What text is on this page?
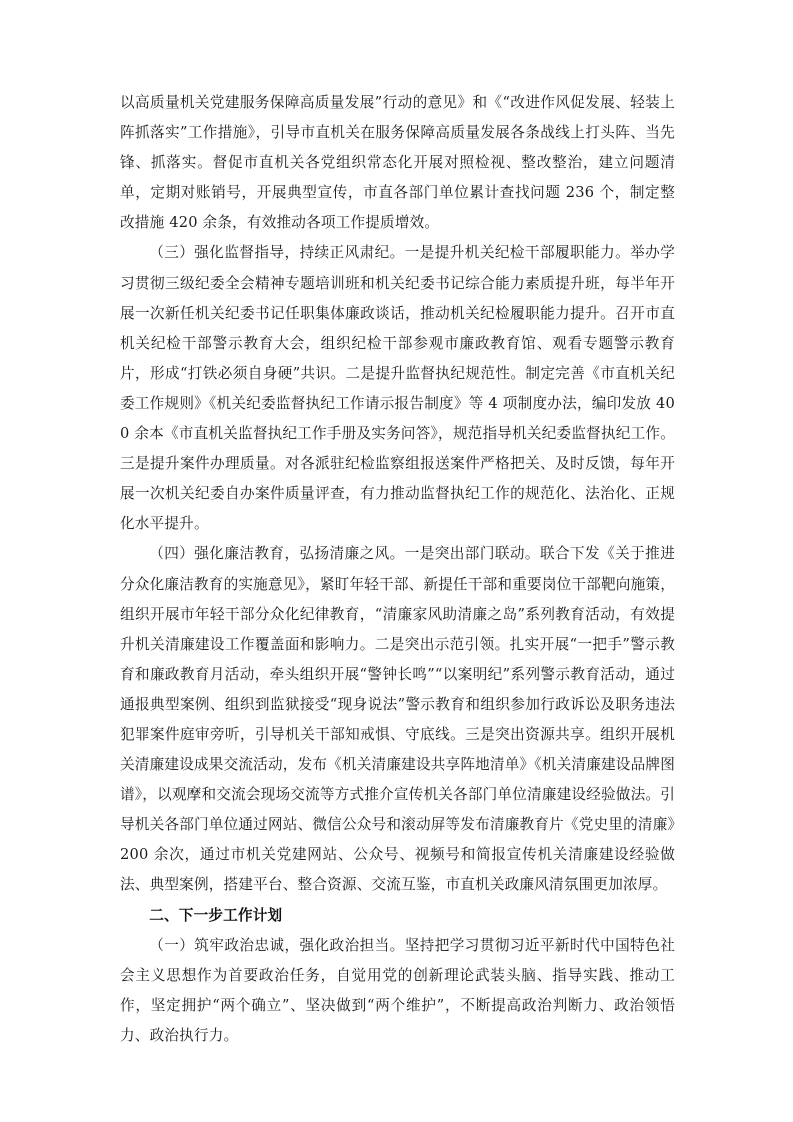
以高质量机关党建服务保障高质量发展”行动的意见》和《“改进作风促发展、轻装上阵抓落实”工作措施》，引导市直机关在服务保障高质量发展各条战线上打头阵、当先锋、抓落实。督促市直机关各党组织常态化开展对照检视、整改整治，建立问题清单，定期对账销号，开展典型宣传，市直各部门单位累计查找问题 236 个，制定整改措施 420 余条，有效推动各项工作提质增效。

（三）强化监督指导，持续正风肃纪。一是提升机关纪检干部履职能力。举办学习贯彻三级纪委全会精神专题培训班和机关纪委书记综合能力素质提升班，每半年开展一次新任机关纪委书记任职集体廉政谈话，推动机关纪检履职能力提升。召开市直机关纪检干部警示教育大会，组织纪检干部参观市廉政教育馆、观看专题警示教育片，形成“打铁必须自身硬”共识。二是提升监督执纪规范性。制定完善《市直机关纪委工作规则》《机关纪委监督执纪工作请示报告制度》等 4 项制度办法，编印发放 400 余本《市直机关监督执纪工作手册及实务问答》，规范指导机关纪委监督执纪工作。三是提升案件办理质量。对各派驻纪检监察组报送案件严格把关、及时反馈，每年开展一次机关纪委自办案件质量评查，有力推动监督执纪工作的规范化、法治化、正规化水平提升。

（四）强化廉洁教育，弘扬清廉之风。一是突出部门联动。联合下发《关于推进分众化廉洁教育的实施意见》，紧盯年轻干部、新提任干部和重要岗位干部靶向施策，组织开展市年轻干部分众化纪律教育，“清廉家风助清廉之岛”系列教育活动，有效提升机关清廉建设工作覆盖面和影响力。二是突出示范引领。扎实开展“一把手”警示教育和廉政教育月活动，牵头组织开展“警钟长鸣”“以案明纪”系列警示教育活动，通过通报典型案例、组织到监狱接受“现身说法”警示教育和组织参加行政诉讼及职务违法犯罪案件庭审旁听，引导机关干部知戒惧、守底线。三是突出资源共享。组织开展机关清廉建设成果交流活动，发布《机关清廉建设共享阵地清单》《机关清廉建设品牌图谱》，以观摩和交流会现场交流等方式推介宣传机关各部门单位清廉建设经验做法。引导机关各部门单位通过网站、微信公众号和滚动屏等发布清廉教育片《党史里的清廉》200 余次，通过市机关党建网站、公众号、视频号和简报宣传机关清廉建设经验做法、典型案例，搭建平台、整合资源、交流互鉴，市直机关政廉风清氛围更加浓厚。

二、下一步工作计划

（一）筑牢政治忠诚，强化政治担当。坚持把学习贯彻习近平新时代中国特色社会主义思想作为首要政治任务，自觉用党的创新理论武装头脑、指导实践、推动工作，坚定拥护“两个确立”、坚决做到“两个维护”，不断提高政治判断力、政治领悟力、政治执行力。
